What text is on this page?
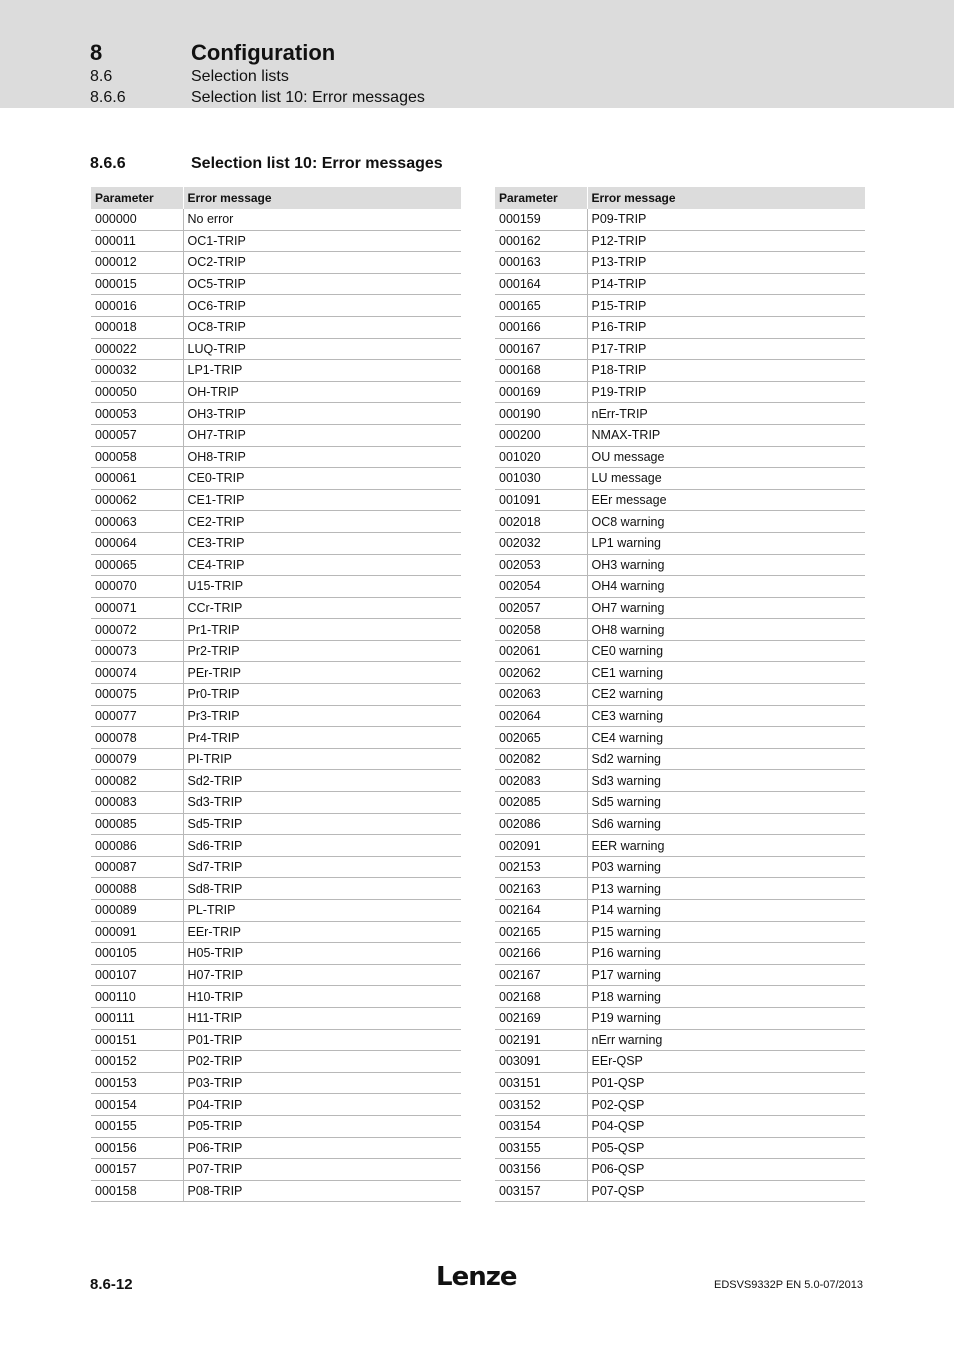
8	Configuration
8.6	Selection lists
8.6.6	Selection list 10: Error messages
8.6.6	Selection list 10: Error messages
Parameter	Error message
000000	No error
000011	OC1-TRIP
000012	OC2-TRIP
000015	OC5-TRIP
000016	OC6-TRIP
000018	OC8-TRIP
000022	LUQ-TRIP
000032	LP1-TRIP
000050	OH-TRIP
000053	OH3-TRIP
000057	OH7-TRIP
000058	OH8-TRIP
000061	CE0-TRIP
000062	CE1-TRIP
000063	CE2-TRIP
000064	CE3-TRIP
000065	CE4-TRIP
000070	U15-TRIP
000071	CCr-TRIP
000072	Pr1-TRIP
000073	Pr2-TRIP
000074	PEr-TRIP
000075	Pr0-TRIP
000077	Pr3-TRIP
000078	Pr4-TRIP
000079	PI-TRIP
000082	Sd2-TRIP
000083	Sd3-TRIP
000085	Sd5-TRIP
000086	Sd6-TRIP
000087	Sd7-TRIP
000088	Sd8-TRIP
000089	PL-TRIP
000091	EEr-TRIP
000105	H05-TRIP
000107	H07-TRIP
000110	H10-TRIP
000111	H11-TRIP
000151	P01-TRIP
000152	P02-TRIP
000153	P03-TRIP
000154	P04-TRIP
000155	P05-TRIP
000156	P06-TRIP
000157	P07-TRIP
000158	P08-TRIP
Parameter	Error message
000159	P09-TRIP
000162	P12-TRIP
000163	P13-TRIP
000164	P14-TRIP
000165	P15-TRIP
000166	P16-TRIP
000167	P17-TRIP
000168	P18-TRIP
000169	P19-TRIP
000190	nErr-TRIP
000200	NMAX-TRIP
001020	OU message
001030	LU message
001091	EEr message
002018	OC8 warning
002032	LP1 warning
002053	OH3 warning
002054	OH4 warning
002057	OH7 warning
002058	OH8 warning
002061	CE0 warning
002062	CE1 warning
002063	CE2 warning
002064	CE3 warning
002065	CE4 warning
002082	Sd2 warning
002083	Sd3 warning
002085	Sd5 warning
002086	Sd6 warning
002091	EER warning
002153	P03 warning
002163	P13 warning
002164	P14 warning
002165	P15 warning
002166	P16 warning
002167	P17 warning
002168	P18 warning
002169	P19 warning
002191	nErr warning
003091	EEr-QSP
003151	P01-QSP
003152	P02-QSP
003154	P04-QSP
003155	P05-QSP
003156	P06-QSP
003157	P07-QSP
8.6-12	Lenze	EDSVS9332P EN 5.0-07/2013
